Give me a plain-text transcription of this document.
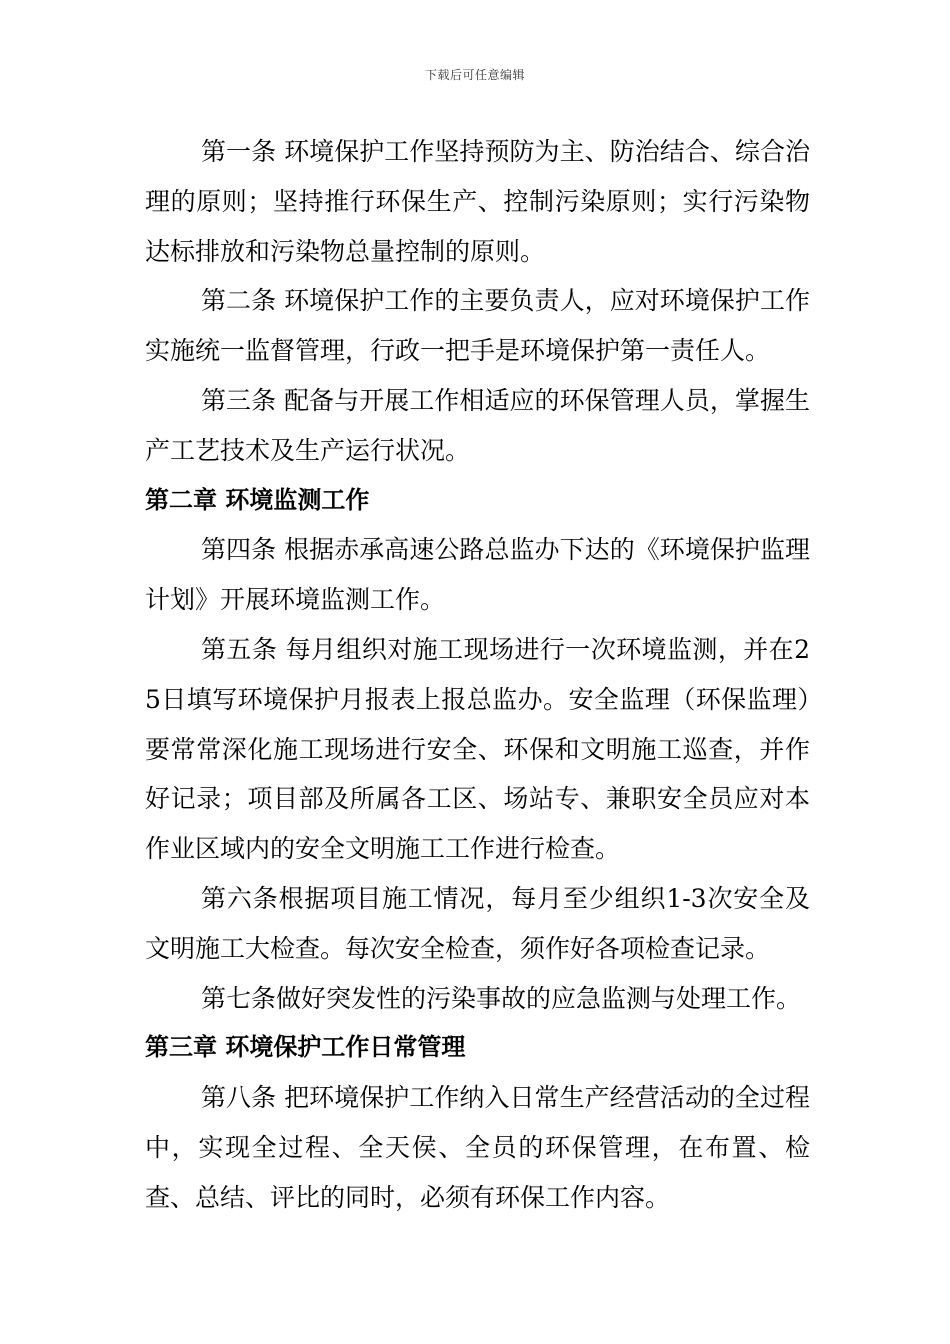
下载后可任意编辑

第一条 环境保护工作坚持预防为主、防治结合、综合治理的原则；坚持推行环保生产、控制污染原则；实行污染物达标排放和污染物总量控制的原则。

第二条 环境保护工作的主要负责人，应对环境保护工作实施统一监督管理，行政一把手是环境保护第一责任人。

第三条 配备与开展工作相适应的环保管理人员，掌握生产工艺技术及生产运行状况。

第二章 环境监测工作

第四条 根据赤承高速公路总监办下达的《环境保护监理计划》开展环境监测工作。

第五条 每月组织对施工现场进行一次环境监测，并在25日填写环境保护月报表上报总监办。安全监理（环保监理）要常常深化施工现场进行安全、环保和文明施工巡查，并作好记录；项目部及所属各工区、场站专、兼职安全员应对本作业区域内的安全文明施工工作进行检查。

第六条根据项目施工情况，每月至少组织1-3次安全及文明施工大检查。每次安全检查，须作好各项检查记录。

第七条做好突发性的污染事故的应急监测与处理工作。

第三章 环境保护工作日常管理

第八条 把环境保护工作纳入日常生产经营活动的全过程中，实现全过程、全天侯、全员的环保管理，在布置、检查、总结、评比的同时，必须有环保工作内容。
